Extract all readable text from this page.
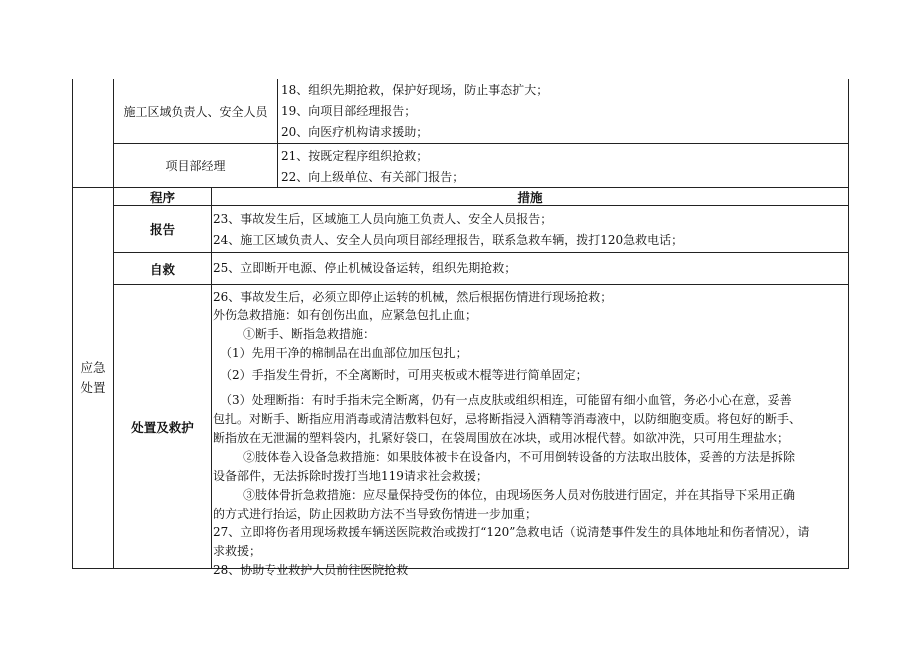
施工区域负责人、安全人员
18、组织先期抢救，保护好现场，防止事态扩大；
19、向项目部经理报告；
20、向医疗机构请求援助；
项目部经理
21、按既定程序组织抢救；
22、向上级单位、有关部门报告；
应急
处置
程序	措施
报告
23、事故发生后，区域施工人员向施工负责人、安全人员报告；
24、施工区域负责人、安全人员向项目部经理报告，联系急救车辆，拨打120急救电话；
自救	25、立即断开电源、停止机械设备运转，组织先期抢救；
处置及救护
26、事故发生后，必须立即停止运转的机械，然后根据伤情进行现场抢救；
外伤急救措施：如有创伤出血，应紧急包扎止血；
①断手、断指急救措施：
（1）先用干净的棉制品在出血部位加压包扎；
（2）手指发生骨折，不全离断时，可用夹板或木棍等进行简单固定；
（3）处理断指：有时手指未完全断离，仍有一点皮肤或组织相连，可能留有细小血管，务必小心在意，妥善
包扎。对断手、断指应用消毒或清洁敷料包好，忌将断指浸入酒精等消毒液中，以防细胞变质。将包好的断手、
断指放在无泄漏的塑料袋内，扎紧好袋口，在袋周围放在冰块，或用冰棍代替。如欲冲洗，只可用生理盐水；
②肢体卷入设备急救措施：如果肢体被卡在设备内，不可用倒转设备的方法取出肢体，妥善的方法是拆除
设备部件，无法拆除时拨打当地119请求社会救援；
③肢体骨折急救措施：应尽量保持受伤的体位，由现场医务人员对伤肢进行固定，并在其指导下采用正确
的方式进行抬运，防止因救助方法不当导致伤情进一步加重；
27、立即将伤者用现场救援车辆送医院救治或拨打“120”急救电话（说清楚事件发生的具体地址和伤者情况），请
求救援；
28、协助专业救护人员前往医院抢救
